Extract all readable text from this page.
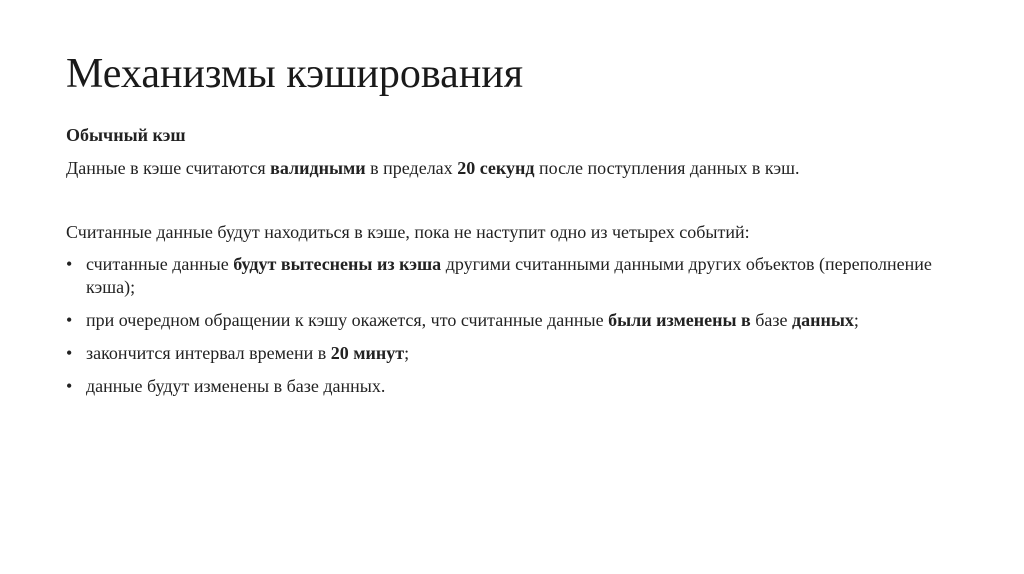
Механизмы кэширования

Обычный кэш

Данные в кэше считаются валидными в пределах 20 секунд после поступления данных в кэш.

Считанные данные будут находиться в кэше, пока не наступит одно из четырех событий:

• считанные данные будут вытеснены из кэша другими считанными данными других объектов (переполнение кэша);
• при очередном обращении к кэшу окажется, что считанные данные были изменены в базе данных;
• закончится интервал времени в 20 минут;
• данные будут изменены в базе данных.
